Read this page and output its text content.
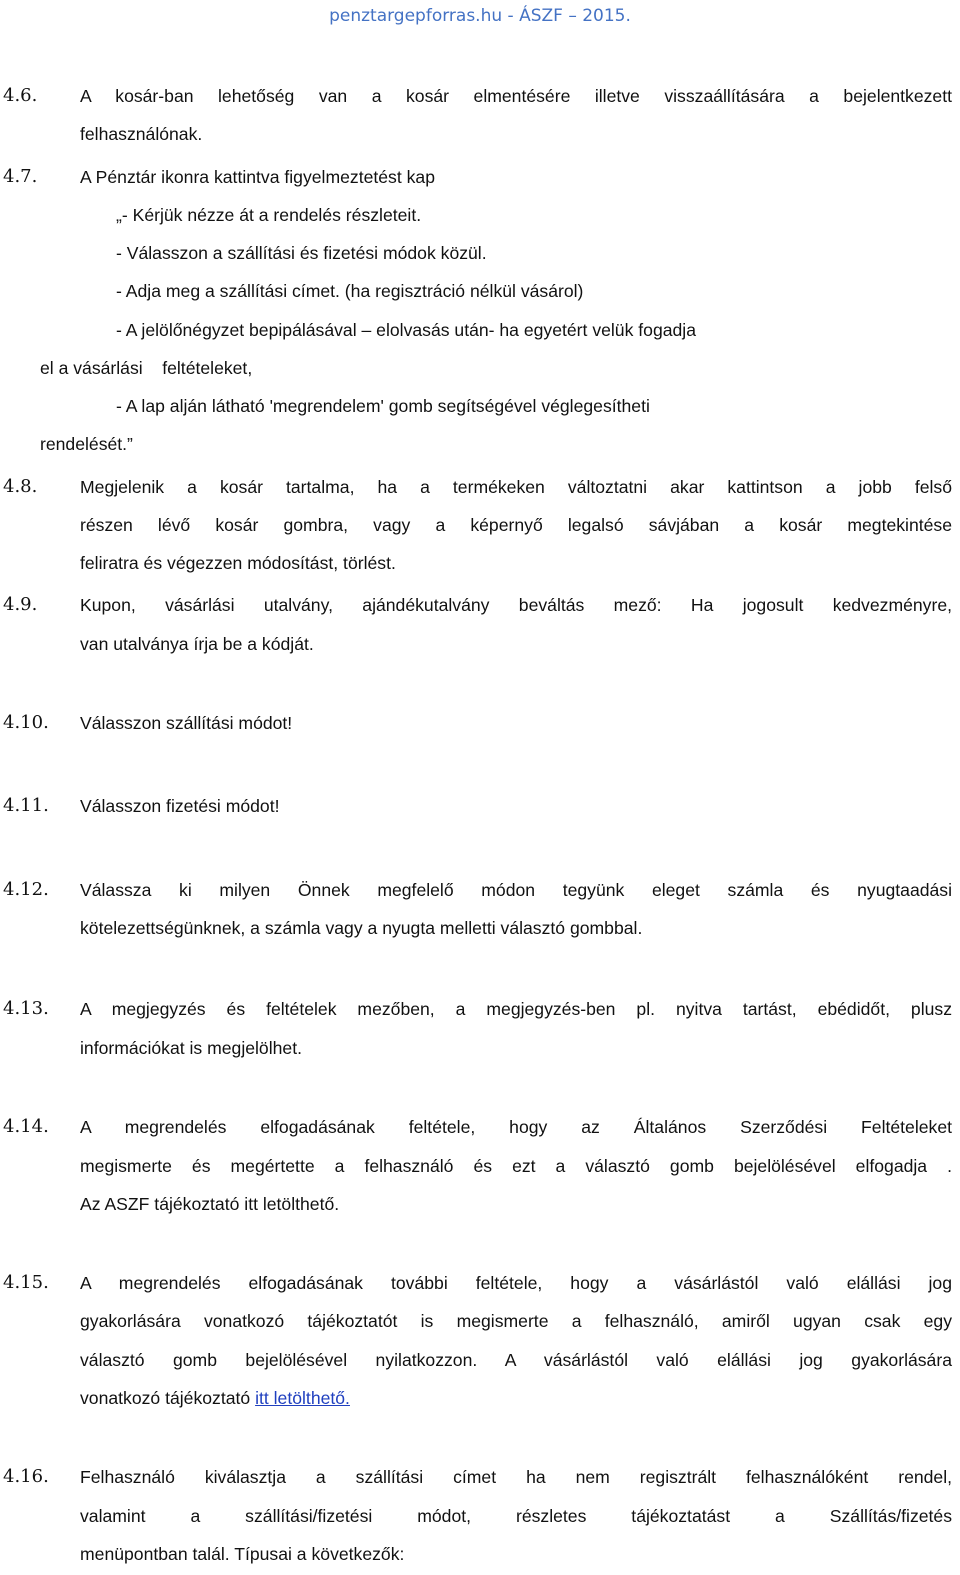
penztargepforras.hu - ÁSZF – 2015.
4.6. A kosár-ban lehetőség van a kosár elmentésére illetve visszaállítására a bejelentkezett
felhasználónak.
4.7. A Pénztár ikonra kattintva figyelmeztetést kap
„- Kérjük nézze át a rendelés részleteit.
- Válasszon a szállítási és fizetési módok közül.
- Adja meg a szállítási címet. (ha regisztráció nélkül vásárol)
- A jelölőnégyzet bepipálásával – elolvasás után- ha egyetért velük fogadja
el a vásárlási    feltételeket,
- A lap alján látható 'megrendelem' gomb segítségével véglegesítheti
rendelését.”
4.8. Megjelenik a kosár tartalma, ha a termékeken változtatni akar kattintson a jobb felső
részen lévő kosár gombra, vagy a képernyő legalsó sávjában a kosár megtekintése
feliratra és végezzen módosítást, törlést.
4.9. Kupon, vásárlási utalvány, ajándékutalvány beváltás mező: Ha jogosult kedvezményre,
van utalványa írja be a kódját.
4.10. Válasszon szállítási módot!
4.11. Válasszon fizetési módot!
4.12. Válassza ki milyen Önnek megfelelő módon tegyünk eleget számla és nyugtaadási
kötelezettségünknek, a számla vagy a nyugta melletti választó gombbal.
4.13. A megjegyzés és feltételek mezőben, a megjegyzés-ben pl. nyitva tartást, ebédidőt, plusz
információkat is megjelölhet.
4.14. A megrendelés elfogadásának feltétele, hogy az Általános Szerződési Feltételeket
megismerte és megértette a felhasználó és ezt a választó gomb bejelölésével elfogadja .
Az ASZF tájékoztató itt letölthető.
4.15. A megrendelés elfogadásának további feltétele, hogy a vásárlástól való elállási jog
gyakorlására vonatkozó tájékoztatót is megismerte a felhasználó, amiről ugyan csak egy
választó gomb bejelölésével nyilatkozzon. A vásárlástól való elállási jog gyakorlására
vonatkozó tájékoztató itt letölthető.
4.16. Felhasználó kiválasztja a szállítási címet ha nem regisztrált felhasználóként rendel,
valamint a szállítási/fizetési módot, részletes tájékoztatást a Szállítás/fizetés
menüpontban talál. Típusai a következők:
